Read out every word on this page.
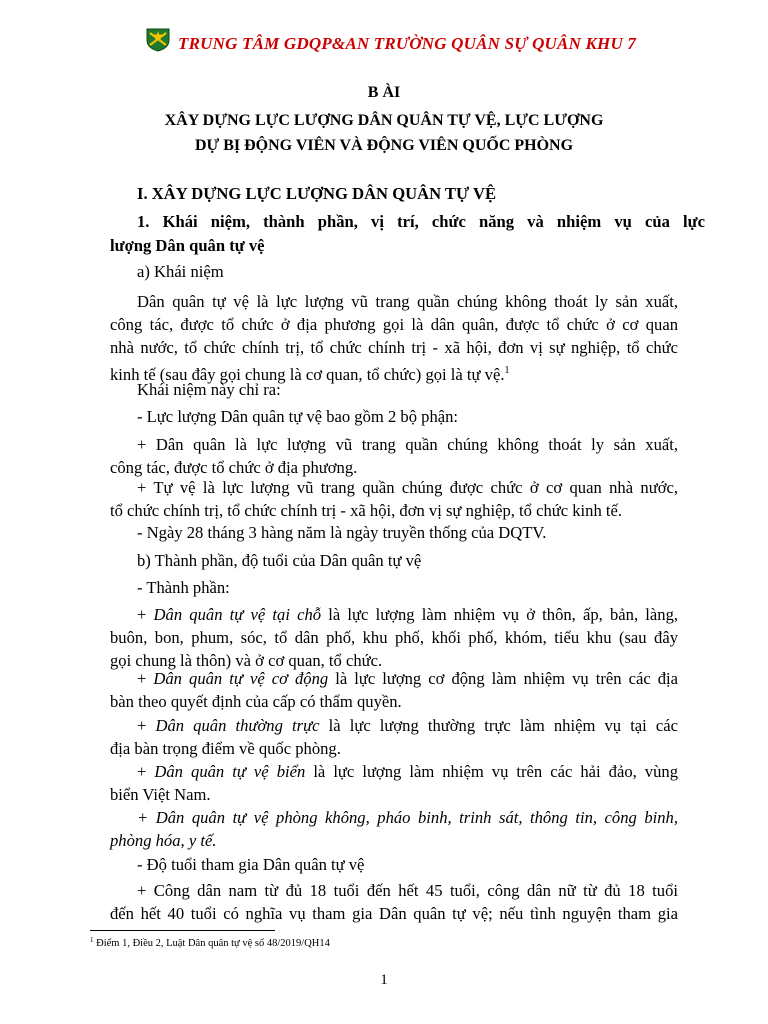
TRUNG TÂM GDQP&AN TRƯỜNG QUÂN SỰ QUÂN KHU 7
B ÀI
XÂY DỰNG LỰC LƯỢNG DÂN QUÂN TỰ VỆ, LỰC LƯỢNG
DỰ BỊ ĐỘNG VIÊN VÀ ĐỘNG VIÊN QUỐC PHÒNG
I. XÂY DỰNG LỰC LƯỢNG DÂN QUÂN TỰ VỆ
1. Khái niệm, thành phần, vị trí, chức năng và nhiệm vụ của lực
lượng Dân quân tự vệ
a) Khái niệm
Dân quân tự vệ là lực lượng vũ trang quần chúng không thoát ly sản xuất,
công tác, được tổ chức ở địa phương gọi là dân quân, được tổ chức ở cơ quan
nhà nước, tổ chức chính trị, tổ chức chính trị - xã hội, đơn vị sự nghiệp, tổ chức
kinh tế (sau đây gọi chung là cơ quan, tổ chức) gọi là tự vệ.$^1$
Khái niệm này chỉ ra:
- Lực lượng Dân quân tự vệ bao gồm 2 bộ phận:
+ Dân quân là lực lượng vũ trang quần chúng không thoát ly sản xuất,
công tác, được tổ chức ở địa phương.
+ Tự vệ là lực lượng vũ trang quần chúng được chức ở cơ quan nhà nước,
tổ chức chính trị, tổ chức chính trị - xã hội, đơn vị sự nghiệp, tổ chức kinh tế.
- Ngày 28 tháng 3 hàng năm là ngày truyền thống của DQTV.
b) Thành phần, độ tuổi của Dân quân tự vệ
- Thành phần:
+ Dân quân tự vệ tại chỗ là lực lượng làm nhiệm vụ ở thôn, ấp, bản, làng,
buôn, bon, phum, sóc, tổ dân phố, khu phố, khối phố, khóm, tiểu khu (sau đây
gọi chung là thôn) và ở cơ quan, tổ chức.
+ Dân quân tự vệ cơ động là lực lượng cơ động làm nhiệm vụ trên các địa
bàn theo quyết định của cấp có thẩm quyền.
+ Dân quân thường trực là lực lượng thường trực làm nhiệm vụ tại các
địa bàn trọng điểm về quốc phòng.
+ Dân quân tự vệ biển là lực lượng làm nhiệm vụ trên các hải đảo, vùng
biển Việt Nam.
+ Dân quân tự vệ phòng không, pháo binh, trinh sát, thông tin, công binh,
phòng hóa, y tế.
- Độ tuổi tham gia Dân quân tự vệ
+ Công dân nam từ đủ 18 tuổi đến hết 45 tuổi, công dân nữ từ đủ 18 tuổi
đến hết 40 tuổi có nghĩa vụ tham gia Dân quân tự vệ; nếu tình nguyện tham gia
$^1$ Điểm 1, Điều 2, Luật Dân quân tự vệ số 48/2019/QH14
1
